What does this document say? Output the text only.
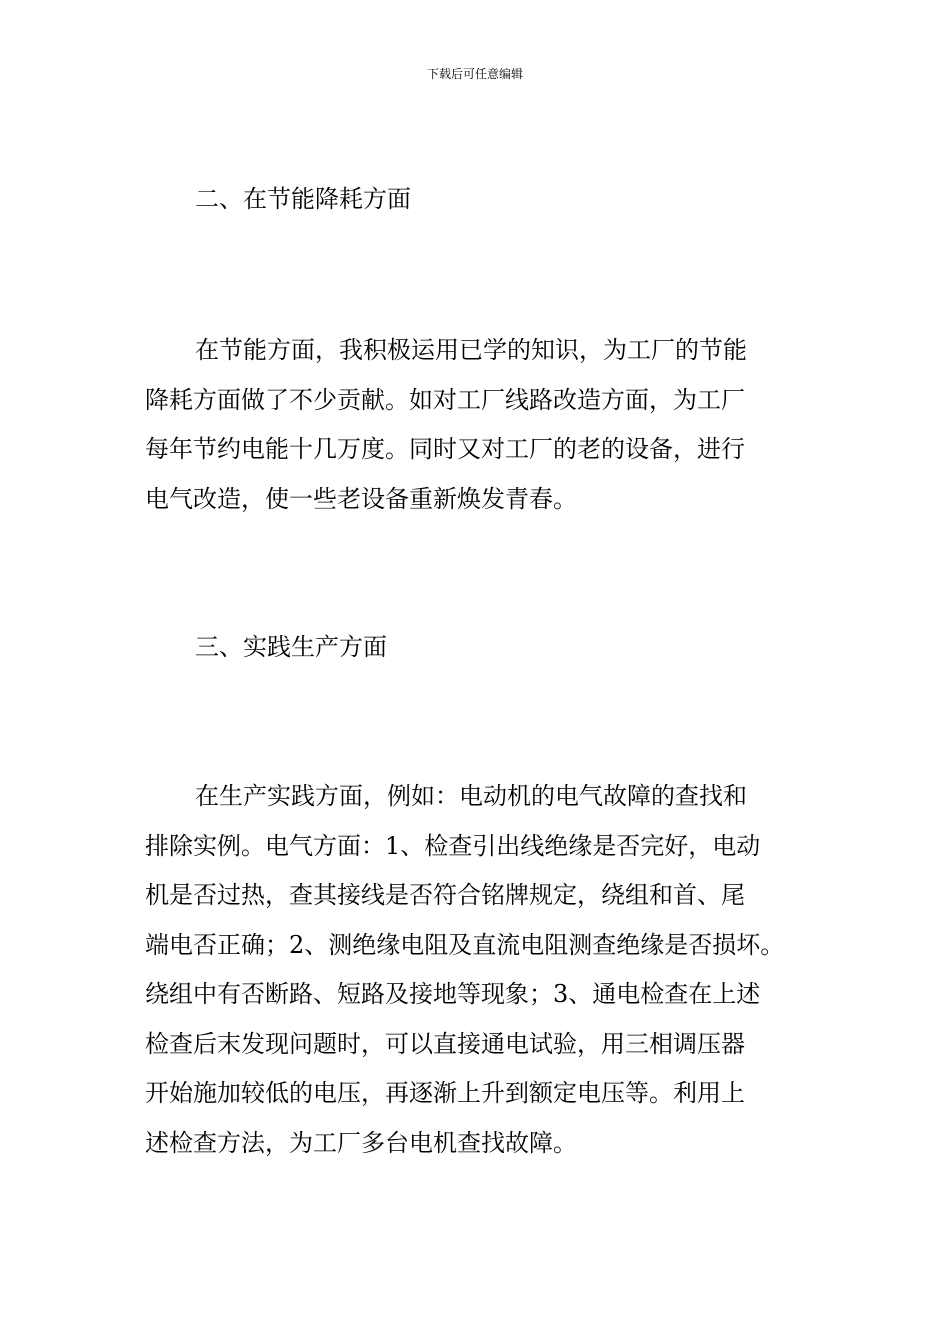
下载后可任意编辑
二、在节能降耗方面
在节能方面，我积极运用已学的知识，为工厂的节能
降耗方面做了不少贡献。如对工厂线路改造方面，为工厂
每年节约电能十几万度。同时又对工厂的老的设备，进行
电气改造，使一些老设备重新焕发青春。
三、实践生产方面
在生产实践方面，例如：电动机的电气故障的查找和
排除实例。电气方面：1、检查引出线绝缘是否完好，电动
机是否过热，查其接线是否符合铭牌规定，绕组和首、尾
端电否正确；2、测绝缘电阻及直流电阻测查绝缘是否损坏。
绕组中有否断路、短路及接地等现象；3、通电检查在上述
检查后末发现问题时，可以直接通电试验，用三相调压器
开始施加较低的电压，再逐渐上升到额定电压等。利用上
述检查方法，为工厂多台电机查找故障。
